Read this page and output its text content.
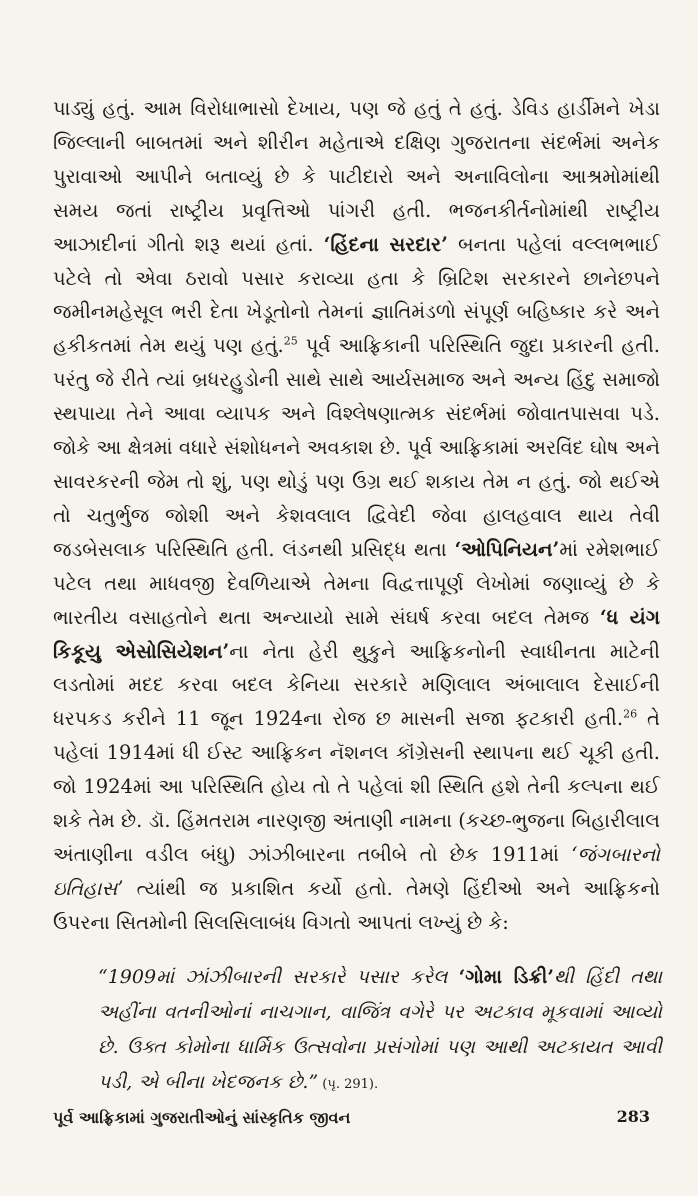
પાડ્યું હતું. આમ વિરોધાભાસો દેખાય, પણ જે હતું તે હતું. ડેવિડ હાર્ડીમને ખેડા જિલ્લાની બાબતમાં અને શીરીન મહેતાએ દક્ષિણ ગુજરાતના સંદર્ભમાં અનેક પુરાવાઓ આપીને બતાવ્યું છે કે પાટીદારો અને અનાવિલોના આશ્રમોમાંથી સમય જતાં રાષ્ટ્રીય પ્રવૃત્તિઓ પાંગરી હતી. ભજનકીર્તનોમાંથી રાષ્ટ્રીય આઝાદીનાં ગીતો શરૂ થયાં હતાં. ‘હિંદના સરદાર’ બનતા પહેલાં વલ્લભભાઈ પટેલે તો એવા ઠરાવો પસાર કરાવ્યા હતા કે બ્રિટિશ સરકારને છાનેછપને જમીનમહેસૂલ ભરી દેતા ખેડૂતોનો તેમનાં જ્ઞાતિમંડળો સંપૂર્ણ બહિષ્કાર કરે અને હકીકતમાં તેમ થયું પણ હતું.$^{25}$ પૂર્વ આફ્રિકાની પરિસ્થિતિ જુદા પ્રકારની હતી. પરંતુ જે રીતે ત્યાં બ્રધરહુડોની સાથે સાથે આર્યસમાજ અને અન્ય હિંદુ સમાજો સ્થપાયા તેને આવા વ્યાપક અને વિશ્લેષણાત્મક સંદર્ભમાં જોવાતપાસવા પડે. જોકે આ ક્ષેત્રમાં વધારે સંશોધનને અવકાશ છે. પૂર્વ આફ્રિકામાં અરવિંદ ઘોષ અને સાવરકરની જેમ તો શું, પણ થોડું પણ ઉગ્ર થઈ શકાય તેમ ન હતું. જો થઈએ તો ચતુર્ભુજ જોશી અને કેશવલાલ દ્વિવેદી જેવા હાલહવાલ થાય તેવી જડબેસલાક પરિસ્થિતિ હતી. લંડનથી પ્રસિદ્ધ થતા ‘ઓપિનિયન’માં રમેશભાઈ પટેલ તથા માધવજી દેવળિયાએ તેમના વિદ્વત્તાપૂર્ણ લેખોમાં જણાવ્યું છે કે ભારતીય વસાહતોને થતા અન્યાયો સામે સંઘર્ષ કરવા બદલ તેમજ ‘ધ યંગ કિકૂયુ એસોસિયેશન’ના નેતા હેરી થુકુને આફ્રિકનોની સ્વાધીનતા માટેની લડતોમાં મદદ કરવા બદલ કેનિયા સરકારે મણિલાલ અંબાલાલ દેસાઈની ધરપકડ કરીને 11 જૂન 1924ના રોજ છ માસની સજા ફટકારી હતી.$^{26}$ તે પહેલાં 1914માં ધી ઈસ્ટ આફ્રિકન નૅશનલ કૉંગ્રેસની સ્થાપના થઈ ચૂકી હતી. જો 1924માં આ પરિસ્થિતિ હોય તો તે પહેલાં શી સ્થિતિ હશે તેની કલ્પના થઈ શકે તેમ છે. ડૉ. હિંમતરામ નારણજી અંતાણી નામના (કચ્છ-ભુજના બિહારીલાલ અંતાણીના વડીલ બંધુ) ઝાંઝીબારના તબીબે તો છેક 1911માં ‘જંગબારનો ઇતિહાસ’ ત્યાંથી જ પ્રકાશિત કર્યો હતો. તેમણે હિંદીઓ અને આફ્રિકનો ઉપરના સિતમોની સિલસિલાબંધ વિગતો આપતાં લખ્યું છે કે:

“1909માં ઝાંઝીબારની સરકારે પસાર કરેલ ‘ગોમા ડિક્રી’થી હિંદી તથા અહીંના વતનીઓનાં નાચગાન, વાજિંત્ર વગેરે પર અટકાવ મૂકવામાં આવ્યો છે. ઉક્ત કોમોના ધાર્મિક ઉત્સવોના પ્રસંગોમાં પણ આથી અટકાયત આવી પડી, એ બીના ખેદજનક છે.” (પૃ. 291).

પૂર્વ આફ્રિકામાં ગુજરાતીઓનું સાંસ્કૃતિક જીવન	283
